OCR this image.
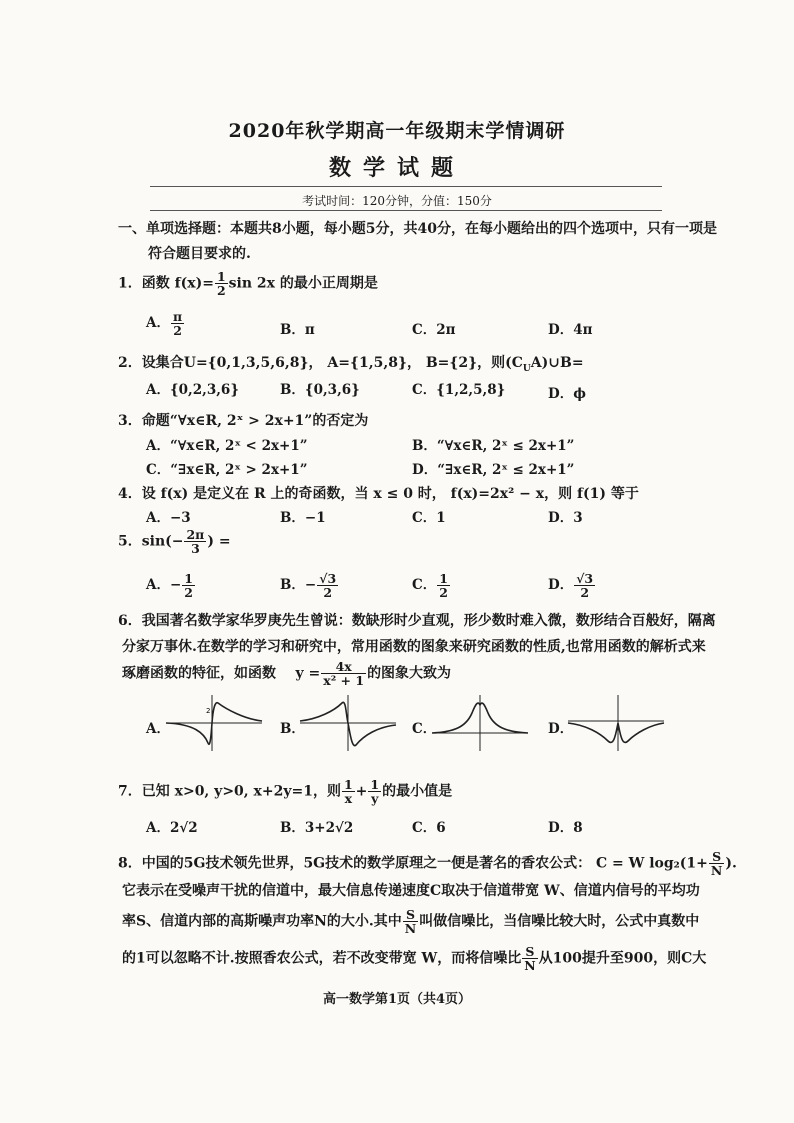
2020年秋学期高一年级期末学情调研
数学试题
考试时间：120分钟，分值：150分
一、单项选择题：本题共8小题，每小题5分，共40分，在每小题给出的四个选项中，只有一项是
符合题目要求的.
1．函数 $f(x)= \frac{1}{2}$ sin 2x 的最小正周期是
A． $\frac{\pi}{2}$	B．π	C．2π	D．4π
2．设集合U={0,1,3,5,6,8}， A={1,5,8}， B={2}，则$(C_UA)\cup B=$
A．{0,2,3,6}	B．{0,3,6}	C．{1,2,5,8}	D．ϕ
3．命题“∀x∈R, 2ˣ > 2x+1”的否定为
A．“∀x∈R, 2ˣ < 2x+1”	B．“∀x∈R, 2ˣ ≤ 2x+1”
C．“∃x∈R, 2ˣ > 2x+1”	D．“∃x∈R, 2ˣ ≤ 2x+1”
4．设 f(x) 是定义在 R 上的奇函数，当 x ≤ 0 时， f(x)=2x² − x，则 f(1) 等于
A．−3	B．−1	C．1	D．3
5．$\sin(- \frac{2\pi}{3}$ ) =
A．− $\frac{1}{2}$	B．− $\frac{√3}{2}$	C． $\frac{1}{2}$	D． $\frac{√3}{2}$
6．我国著名数学家华罗庚先生曾说：数缺形时少直观，形少数时难入微，数形结合百般好，隔离
分家万事休.在数学的学习和研究中，常用函数的图象来研究函数的性质,也常用函数的解析式来
琢磨函数的特征，如函数 $y = \frac{4x}{\text{x² + 1}}$ 的图象大致为
A．
2
B．	C．	D．
7．已知 x>0, y>0, x+2y=1，则 $\frac{1}{x} + \frac{1}{y}$ 的最小值是
A．2√2	B．3+2√2	C．6	D．8
8．中国的5G技术领先世界，5G技术的数学原理之一便是著名的香农公式： C = W $\log_2(1+ \frac{S}{N}$ ).
它表示在受噪声干扰的信道中，最大信息传递速度C取决于信道带宽 W、信道内信号的平均功
率S、信道内部的高斯噪声功率N的大小.其中 $\frac{S}{N}$ 叫做信噪比，当信噪比较大时，公式中真数中
的1可以忽略不计.按照香农公式，若不改变带宽 W，而将信噪比 $\frac{S}{N}$ 从100提升至900，则C大
高一数学第1页（共4页）
